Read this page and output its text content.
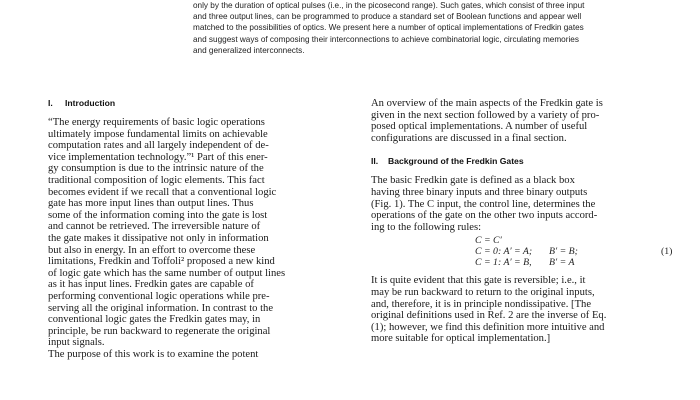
only by the duration of optical pulses (i.e., in the picosecond range). Such gates, which consist of three input
and three output lines, can be programmed to produce a standard set of Boolean functions and appear well
matched to the possibilities of optics. We present here a number of optical implementations of Fredkin gates
and suggest ways of composing their interconnections to achieve combinatorial logic, circulating memories
and generalized interconnects.
I. Introduction

“The energy requirements of basic logic operations
ultimately impose fundamental limits on achievable
computation rates and all largely independent of de-
vice implementation technology.”¹ Part of this ener-
gy consumption is due to the intrinsic nature of the
traditional composition of logic elements. This fact
becomes evident if we recall that a conventional logic
gate has more input lines than output lines. Thus
some of the information coming into the gate is lost
and cannot be retrieved. The irreversible nature of
the gate makes it dissipative not only in information
but also in energy. In an effort to overcome these
limitations, Fredkin and Toffoli² proposed a new kind
of logic gate which has the same number of output lines
as it has input lines. Fredkin gates are capable of
performing conventional logic operations while pre-
serving all the original information. In contrast to the
conventional logic gates the Fredkin gates may, in
principle, be run backward to regenerate the original
input signals.
The purpose of this work is to examine the potent

An overview of the main aspects of the Fredkin gate is
given in the next section followed by a variety of pro-
posed optical implementations. A number of useful
configurations are discussed in a final section.

II. Background of the Fredkin Gates

The basic Fredkin gate is defined as a black box
having three binary inputs and three binary outputs
(Fig. 1). The C input, the control line, determines the
operations of the gate on the other two inputs accord-
ing to the following rules:

C = C′
C = 0: A′ = A; B′ = B;
C = 1: A′ = B, B′ = A
(1)

It is quite evident that this gate is reversible; i.e., it
may be run backward to return to the original inputs,
and, therefore, it is in principle nondissipative. [The
original definitions used in Ref. 2 are the inverse of Eq.
(1); however, we find this definition more intuitive and
more suitable for optical implementation.]
